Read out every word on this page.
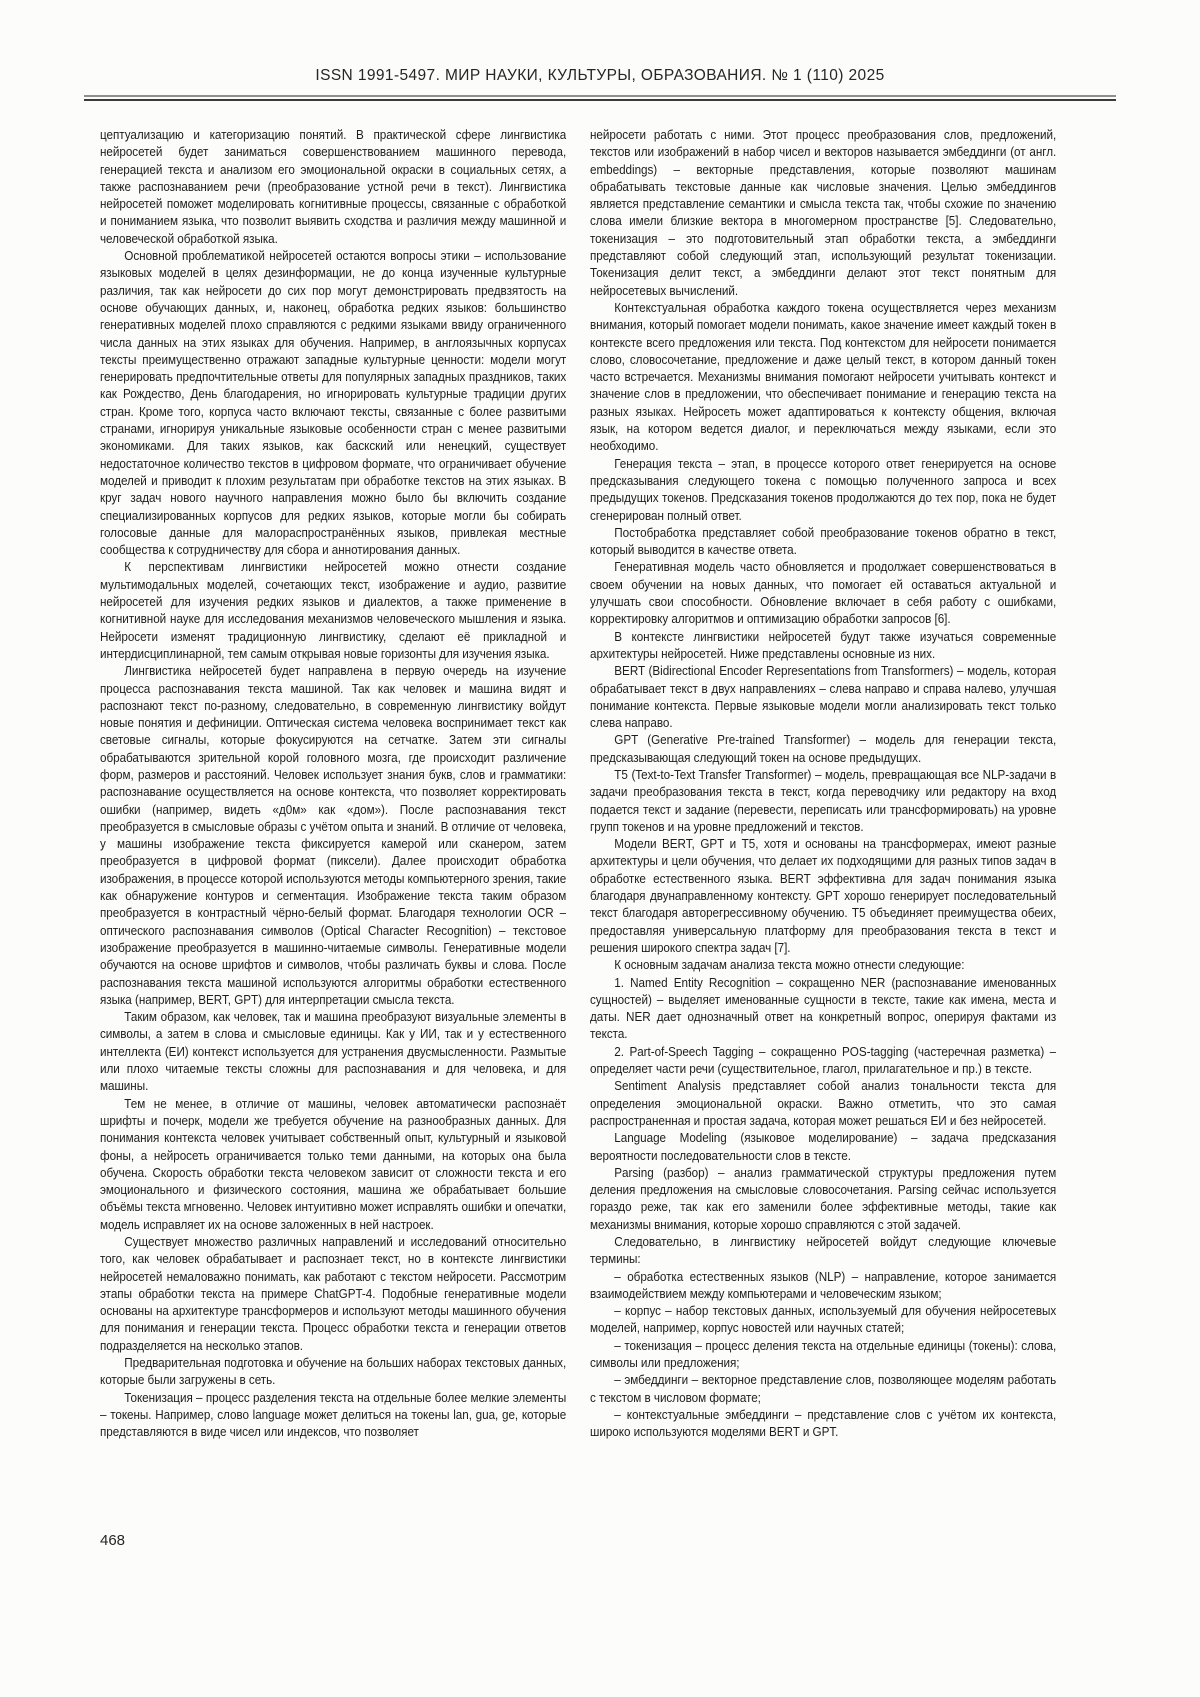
ISSN 1991-5497. МИР НАУКИ, КУЛЬТУРЫ, ОБРАЗОВАНИЯ. № 1 (110) 2025

цептуализацию и категоризацию понятий. В практической сфере лингвистика нейросетей будет заниматься совершенствованием машинного перевода, генерацией текста и анализом его эмоциональной окраски в социальных сетях, а также распознаванием речи (преобразование устной речи в текст). Лингвистика нейросетей поможет моделировать когнитивные процессы, связанные с обработкой и пониманием языка, что позволит выявить сходства и различия между машинной и человеческой обработкой языка.

Основной проблематикой нейросетей остаются вопросы этики – использование языковых моделей в целях дезинформации, не до конца изученные культурные различия, так как нейросети до сих пор могут демонстрировать предвзятость на основе обучающих данных, и, наконец, обработка редких языков: большинство генеративных моделей плохо справляются с редкими языками ввиду ограниченного числа данных на этих языках для обучения. Например, в англоязычных корпусах тексты преимущественно отражают западные культурные ценности: модели могут генерировать предпочтительные ответы для популярных западных праздников, таких как Рождество, День благодарения, но игнорировать культурные традиции других стран. Кроме того, корпуса часто включают тексты, связанные с более развитыми странами, игнорируя уникальные языковые особенности стран с менее развитыми экономиками. Для таких языков, как баскский или ненецкий, существует недостаточное количество текстов в цифровом формате, что ограничивает обучение моделей и приводит к плохим результатам при обработке текстов на этих языках. В круг задач нового научного направления можно было бы включить создание специализированных корпусов для редких языков, которые могли бы собирать голосовые данные для малораспространённых языков, привлекая местные сообщества к сотрудничеству для сбора и аннотирования данных.

К перспективам лингвистики нейросетей можно отнести создание мультимодальных моделей, сочетающих текст, изображение и аудио, развитие нейросетей для изучения редких языков и диалектов, а также применение в когнитивной науке для исследования механизмов человеческого мышления и языка. Нейросети изменят традиционную лингвистику, сделают её прикладной и интердисциплинарной, тем самым открывая новые горизонты для изучения языка.

Лингвистика нейросетей будет направлена в первую очередь на изучение процесса распознавания текста машиной. Так как человек и машина видят и распознают текст по-разному, следовательно, в современную лингвистику войдут новые понятия и дефиниции. Оптическая система человека воспринимает текст как световые сигналы, которые фокусируются на сетчатке. Затем эти сигналы обрабатываются зрительной корой головного мозга, где происходит различение форм, размеров и расстояний. Человек использует знания букв, слов и грамматики: распознавание осуществляется на основе контекста, что позволяет корректировать ошибки (например, видеть «д0м» как «дом»). После распознавания текст преобразуется в смысловые образы с учётом опыта и знаний. В отличие от человека, у машины изображение текста фиксируется камерой или сканером, затем преобразуется в цифровой формат (пиксели). Далее происходит обработка изображения, в процессе которой используются методы компьютерного зрения, такие как обнаружение контуров и сегментация. Изображение текста таким образом преобразуется в контрастный чёрно-белый формат. Благодаря технологии OCR – оптического распознавания символов (Optical Character Recognition) – текстовое изображение преобразуется в машинно-читаемые символы. Генеративные модели обучаются на основе шрифтов и символов, чтобы различать буквы и слова. После распознавания текста машиной используются алгоритмы обработки естественного языка (например, BERT, GPT) для интерпретации смысла текста.

Таким образом, как человек, так и машина преобразуют визуальные элементы в символы, а затем в слова и смысловые единицы. Как у ИИ, так и у естественного интеллекта (ЕИ) контекст используется для устранения двусмысленности. Размытые или плохо читаемые тексты сложны для распознавания и для человека, и для машины.

Тем не менее, в отличие от машины, человек автоматически распознаёт шрифты и почерк, модели же требуется обучение на разнообразных данных. Для понимания контекста человек учитывает собственный опыт, культурный и языковой фоны, а нейросеть ограничивается только теми данными, на которых она была обучена. Скорость обработки текста человеком зависит от сложности текста и его эмоционального и физического состояния, машина же обрабатывает большие объёмы текста мгновенно. Человек интуитивно может исправлять ошибки и опечатки, модель исправляет их на основе заложенных в ней настроек.

Существует множество различных направлений и исследований относительно того, как человек обрабатывает и распознает текст, но в контексте лингвистики нейросетей немаловажно понимать, как работают с текстом нейросети. Рассмотрим этапы обработки текста на примере ChatGPT-4. Подобные генеративные модели основаны на архитектуре трансформеров и используют методы машинного обучения для понимания и генерации текста. Процесс обработки текста и генерации ответов подразделяется на несколько этапов.

Предварительная подготовка и обучение на больших наборах текстовых данных, которые были загружены в сеть.

Токенизация – процесс разделения текста на отдельные более мелкие элементы – токены. Например, слово language может делиться на токены lan, gua, ge, которые представляются в виде чисел или индексов, что позволяет

нейросети работать с ними. Этот процесс преобразования слов, предложений, текстов или изображений в набор чисел и векторов называется эмбеддинги (от англ. embeddings) – векторные представления, которые позволяют машинам обрабатывать текстовые данные как числовые значения. Целью эмбеддингов является представление семантики и смысла текста так, чтобы схожие по значению слова имели близкие вектора в многомерном пространстве [5]. Следовательно, токенизация – это подготовительный этап обработки текста, а эмбеддинги представляют собой следующий этап, использующий результат токенизации. Токенизация делит текст, а эмбеддинги делают этот текст понятным для нейросетевых вычислений.

Контекстуальная обработка каждого токена осуществляется через механизм внимания, который помогает модели понимать, какое значение имеет каждый токен в контексте всего предложения или текста. Под контекстом для нейросети понимается слово, словосочетание, предложение и даже целый текст, в котором данный токен часто встречается. Механизмы внимания помогают нейросети учитывать контекст и значение слов в предложении, что обеспечивает понимание и генерацию текста на разных языках. Нейросеть может адаптироваться к контексту общения, включая язык, на котором ведется диалог, и переключаться между языками, если это необходимо.

Генерация текста – этап, в процессе которого ответ генерируется на основе предсказывания следующего токена с помощью полученного запроса и всех предыдущих токенов. Предсказания токенов продолжаются до тех пор, пока не будет сгенерирован полный ответ.

Постобработка представляет собой преобразование токенов обратно в текст, который выводится в качестве ответа.

Генеративная модель часто обновляется и продолжает совершенствоваться в своем обучении на новых данных, что помогает ей оставаться актуальной и улучшать свои способности. Обновление включает в себя работу с ошибками, корректировку алгоритмов и оптимизацию обработки запросов [6].

В контексте лингвистики нейросетей будут также изучаться современные архитектуры нейросетей. Ниже представлены основные из них.

BERT (Bidirectional Encoder Representations from Transformers) – модель, которая обрабатывает текст в двух направлениях – слева направо и справа налево, улучшая понимание контекста. Первые языковые модели могли анализировать текст только слева направо.

GPT (Generative Pre-trained Transformer) – модель для генерации текста, предсказывающая следующий токен на основе предыдущих.

Т5 (Text-to-Text Transfer Transformer) – модель, превращающая все NLP-задачи в задачи преобразования текста в текст, когда переводчику или редактору на вход подается текст и задание (перевести, переписать или трансформировать) на уровне групп токенов и на уровне предложений и текстов.

Модели BERT, GPT и T5, хотя и основаны на трансформерах, имеют разные архитектуры и цели обучения, что делает их подходящими для разных типов задач в обработке естественного языка. BERT эффективна для задач понимания языка благодаря двунаправленному контексту. GPT хорошо генерирует последовательный текст благодаря авторегрессивному обучению. T5 объединяет преимущества обеих, предоставляя универсальную платформу для преобразования текста в текст и решения широкого спектра задач [7].

К основным задачам анализа текста можно отнести следующие:

1. Named Entity Recognition – сокращенно NER (распознавание именованных сущностей) – выделяет именованные сущности в тексте, такие как имена, места и даты. NER дает однозначный ответ на конкретный вопрос, оперируя фактами из текста.

2. Part-of-Speech Tagging – сокращенно POS-tagging (частеречная разметка) – определяет части речи (существительное, глагол, прилагательное и пр.) в тексте.

Sentiment Analysis представляет собой анализ тональности текста для определения эмоциональной окраски. Важно отметить, что это самая распространенная и простая задача, которая может решаться ЕИ и без нейросетей.

Language Modeling (языковое моделирование) – задача предсказания вероятности последовательности слов в тексте.

Parsing (разбор) – анализ грамматической структуры предложения путем деления предложения на смысловые словосочетания. Parsing сейчас используется гораздо реже, так как его заменили более эффективные методы, такие как механизмы внимания, которые хорошо справляются с этой задачей.

Следовательно, в лингвистику нейросетей войдут следующие ключевые термины:

– обработка естественных языков (NLP) – направление, которое занимается взаимодействием между компьютерами и человеческим языком;

– корпус – набор текстовых данных, используемый для обучения нейросетевых моделей, например, корпус новостей или научных статей;

– токенизация – процесс деления текста на отдельные единицы (токены): слова, символы или предложения;

– эмбеддинги – векторное представление слов, позволяющее моделям работать с текстом в числовом формате;

– контекстуальные эмбеддинги – представление слов с учётом их контекста, широко используются моделями BERT и GPT.

468
